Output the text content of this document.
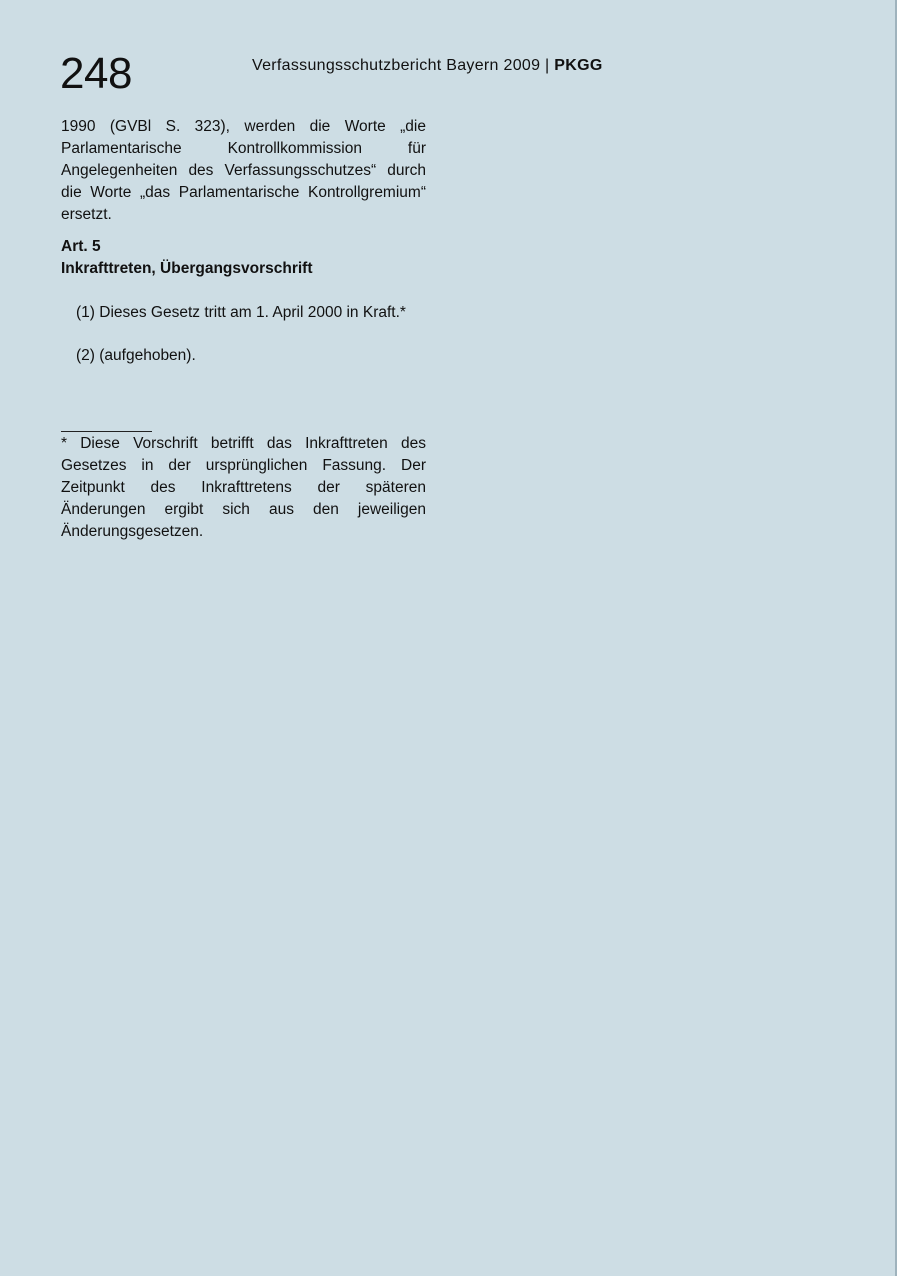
248	Verfassungsschutzbericht Bayern 2009 | PKGG
1990 (GVBl S. 323), werden die Worte „die Parlamentarische Kontrollkommission für Angelegenheiten des Verfassungsschutzes“ durch die Worte „das Parlamentarische Kontrollgremium“ ersetzt.
Art. 5
Inkrafttreten, Übergangsvorschrift
(1) Dieses Gesetz tritt am 1. April 2000 in Kraft.*
(2) (aufgehoben).
* Diese Vorschrift betrifft das Inkrafttreten des Gesetzes in der ursprünglichen Fassung. Der Zeitpunkt des Inkrafttretens der späteren Änderungen ergibt sich aus den jeweiligen Änderungsgesetzen.
